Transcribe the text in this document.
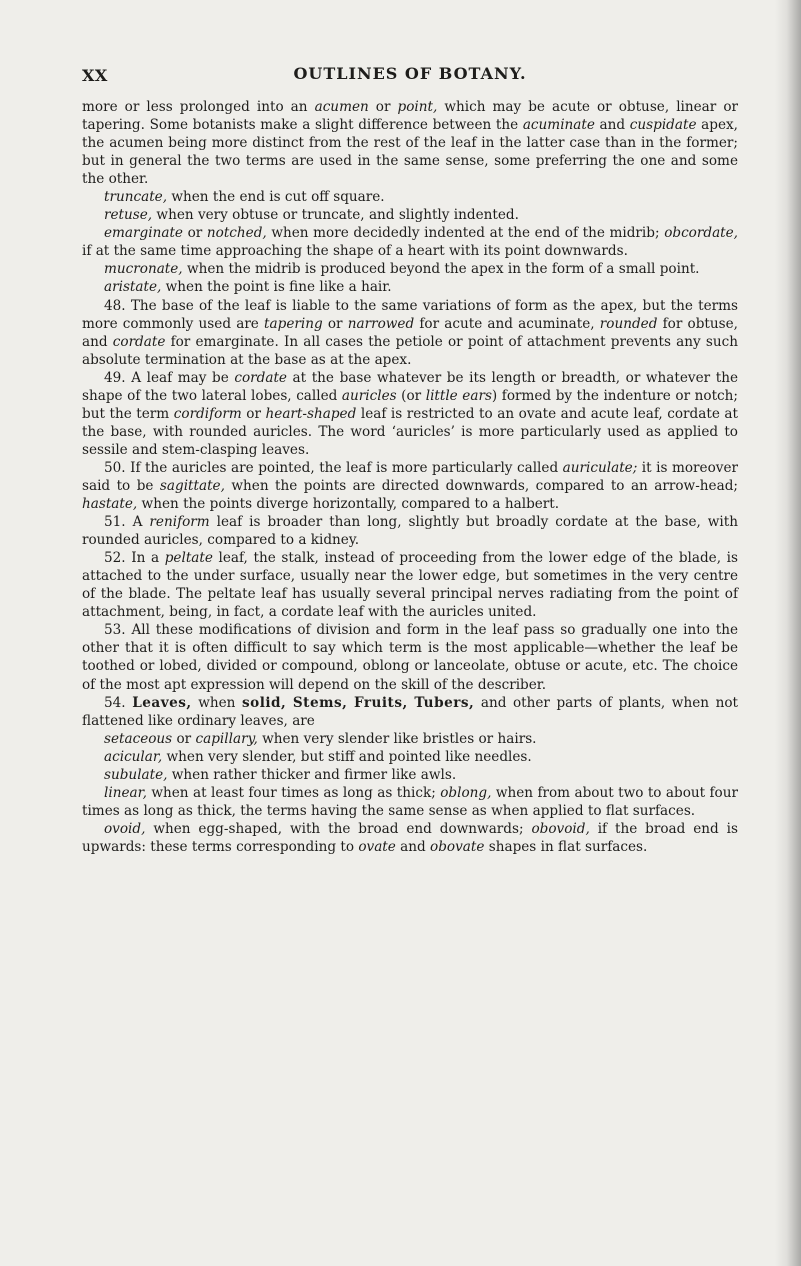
XX	OUTLINES OF BOTANY.

more or less prolonged into an acumen or point, which may be acute or obtuse, linear or tapering. Some botanists make a slight difference between the acuminate and cuspidate apex, the acumen being more distinct from the rest of the leaf in the latter case than in the former; but in general the two terms are used in the same sense, some preferring the one and some the other.

truncate, when the end is cut off square.

retuse, when very obtuse or truncate, and slightly indented.

emarginate or notched, when more decidedly indented at the end of the midrib; obcordate, if at the same time approaching the shape of a heart with its point downwards.

mucronate, when the midrib is produced beyond the apex in the form of a small point.

aristate, when the point is fine like a hair.

48. The base of the leaf is liable to the same variations of form as the apex, but the terms more commonly used are tapering or narrowed for acute and acuminate, rounded for obtuse, and cordate for emarginate. In all cases the petiole or point of attachment prevents any such absolute termination at the base as at the apex.

49. A leaf may be cordate at the base whatever be its length or breadth, or whatever the shape of the two lateral lobes, called auricles (or little ears) formed by the indenture or notch; but the term cordiform or heart-shaped leaf is restricted to an ovate and acute leaf, cordate at the base, with rounded auricles. The word ‘auricles’ is more particularly used as applied to sessile and stem-clasping leaves.

50. If the auricles are pointed, the leaf is more particularly called auriculate; it is moreover said to be sagittate, when the points are directed downwards, compared to an arrow-head; hastate, when the points diverge horizontally, compared to a halbert.

51. A reniform leaf is broader than long, slightly but broadly cordate at the base, with rounded auricles, compared to a kidney.

52. In a peltate leaf, the stalk, instead of proceeding from the lower edge of the blade, is attached to the under surface, usually near the lower edge, but sometimes in the very centre of the blade. The peltate leaf has usually several principal nerves radiating from the point of attachment, being, in fact, a cordate leaf with the auricles united.

53. All these modifications of division and form in the leaf pass so gradually one into the other that it is often difficult to say which term is the most applicable—whether the leaf be toothed or lobed, divided or compound, oblong or lanceolate, obtuse or acute, etc. The choice of the most apt expression will depend on the skill of the describer.

54. Leaves, when solid, Stems, Fruits, Tubers, and other parts of plants, when not flattened like ordinary leaves, are

setaceous or capillary, when very slender like bristles or hairs.

acicular, when very slender, but stiff and pointed like needles.

subulate, when rather thicker and firmer like awls.

linear, when at least four times as long as thick; oblong, when from about two to about four times as long as thick, the terms having the same sense as when applied to flat surfaces.

ovoid, when egg-shaped, with the broad end downwards; obovoid, if the broad end is upwards: these terms corresponding to ovate and obovate shapes in flat surfaces.
